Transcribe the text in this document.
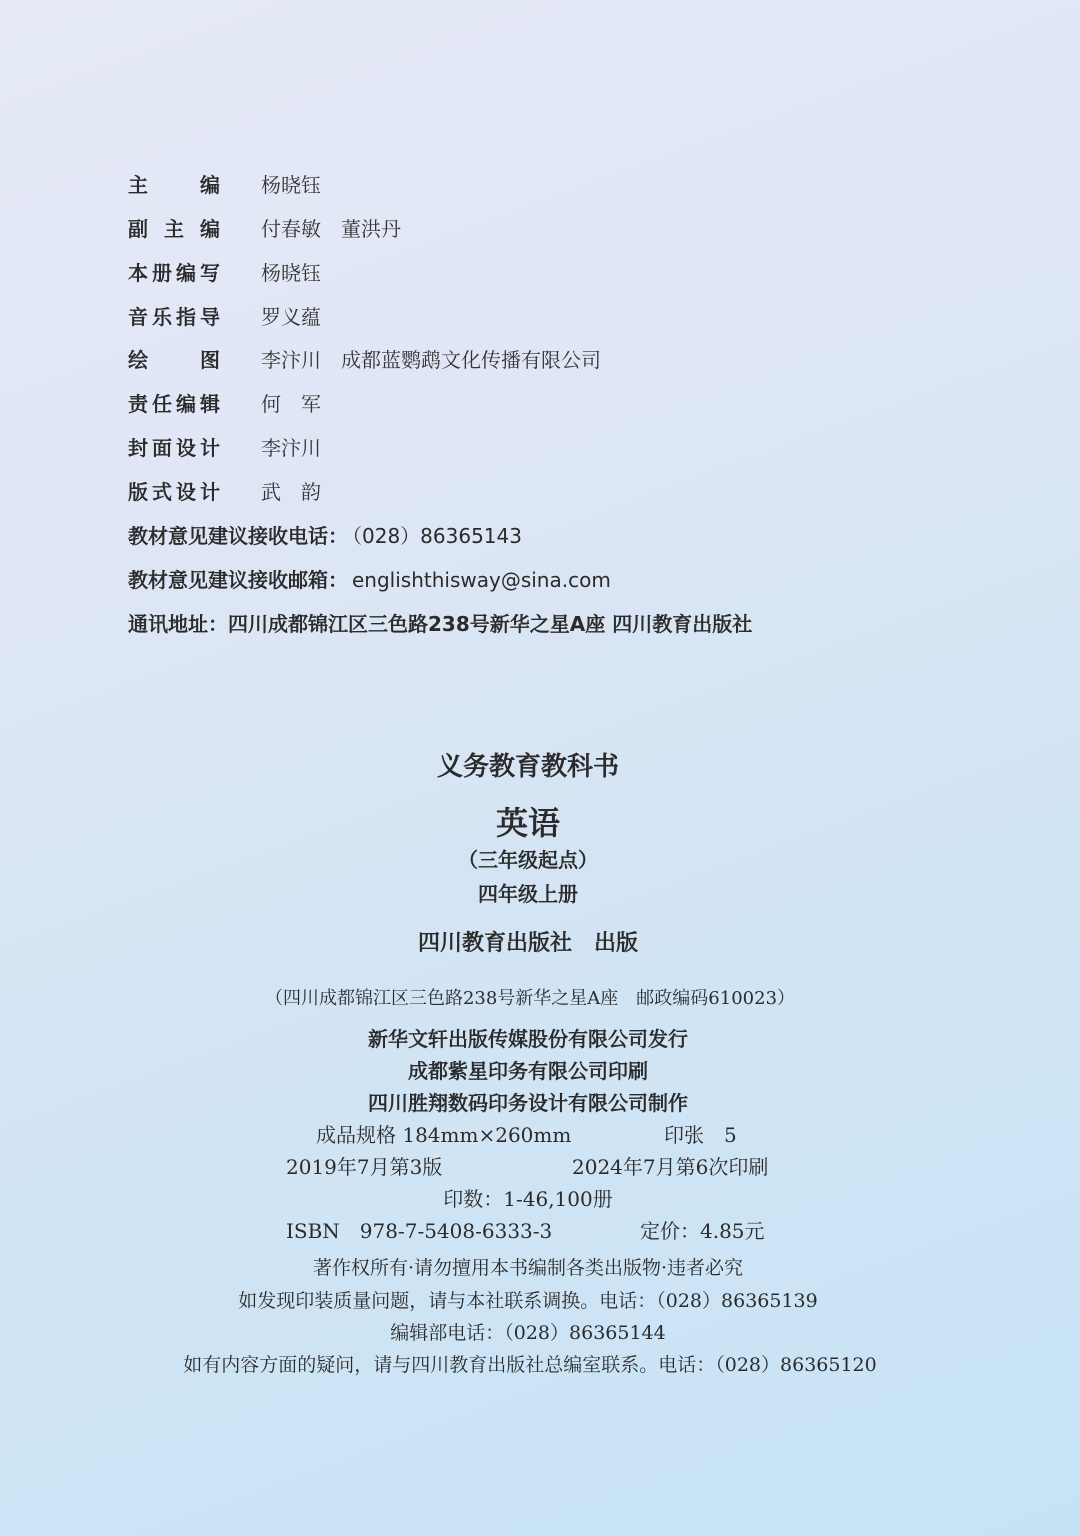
主编 杨晓钰
副主编 付春敏　董洪丹
本册编写 杨晓钰
音乐指导 罗义蕴
绘图 李汴川　成都蓝鹦鹉文化传播有限公司
责任编辑 何　军
封面设计 李汴川
版式设计 武　韵
教材意见建议接收电话： （028）86365143
教材意见建议接收邮箱： englishthisway@sina.com
通讯地址：四川成都锦江区三色路238号新华之星A座 四川教育出版社
义务教育教科书
英语
（三年级起点）
四年级上册
四川教育出版社　出版
（四川成都锦江区三色路238号新华之星A座　邮政编码610023）
新华文轩出版传媒股份有限公司发行
成都紫星印务有限公司印刷
四川胜翔数码印务设计有限公司制作
成品规格 184mm×260mm	印张　5
2019年7月第3版	2024年7月第6次印刷
印数：1-46,100册
ISBN　978-7-5408-6333-3	定价：4.85元
著作权所有·请勿擅用本书编制各类出版物·违者必究
如发现印装质量问题，请与本社联系调换。电话：（028）86365139
编辑部电话：（028）86365144
如有内容方面的疑问，请与四川教育出版社总编室联系。电话：（028）86365120
